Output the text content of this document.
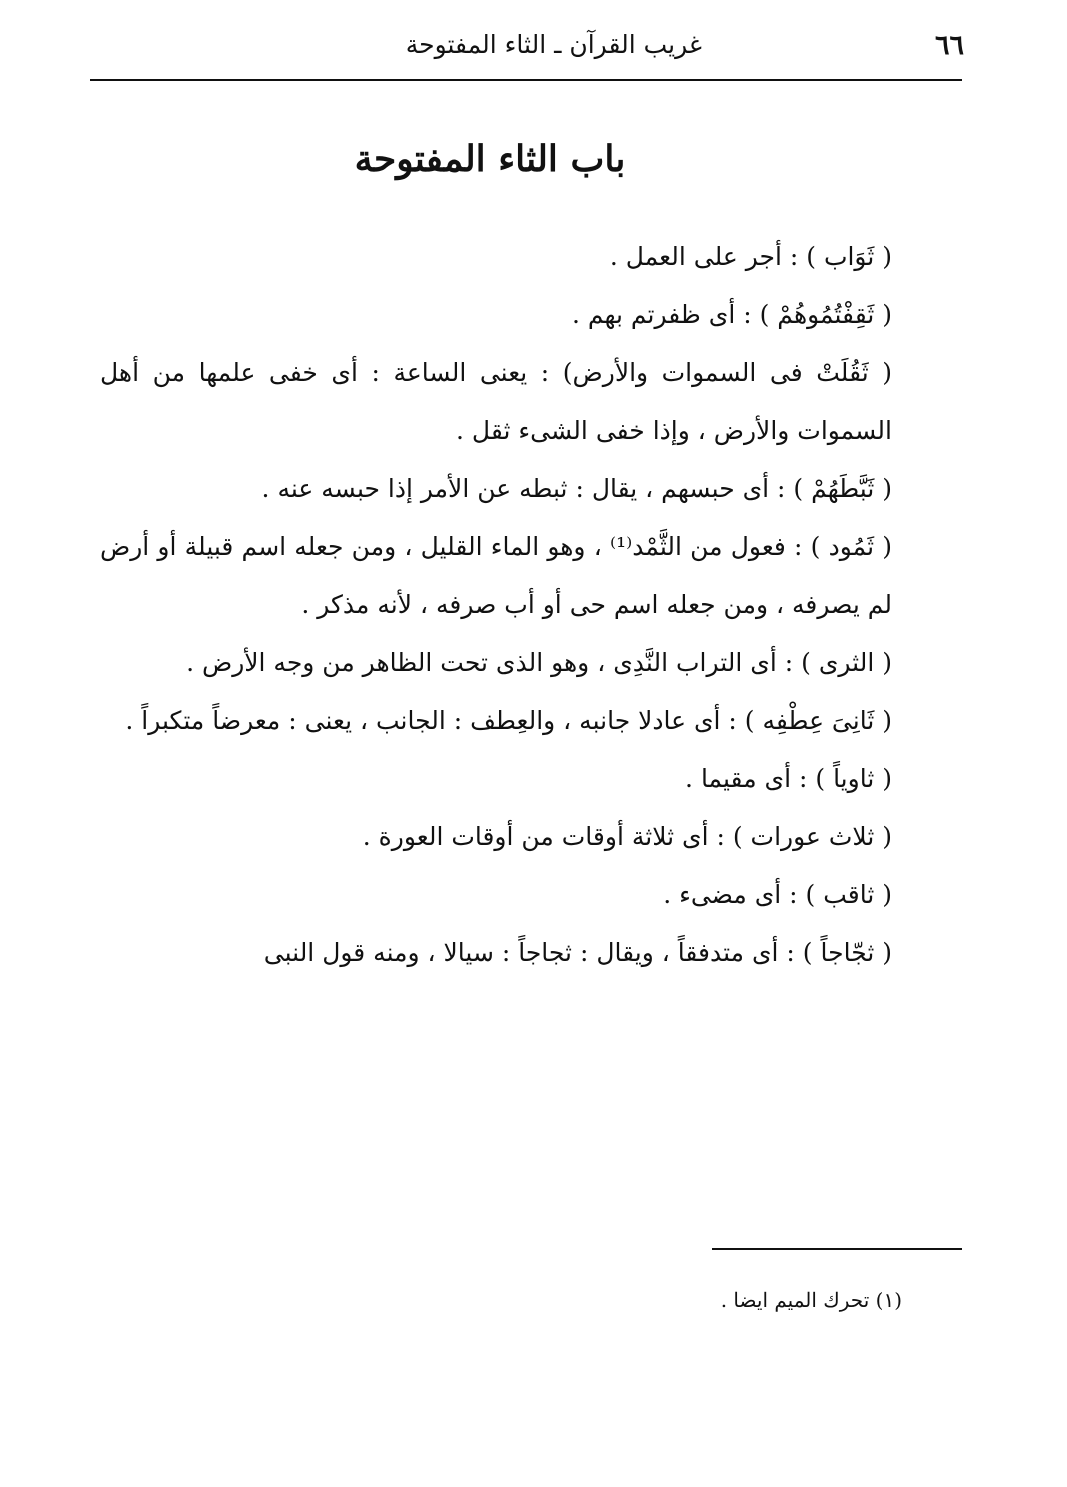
٦٦
غريب القرآن ـ الثاء المفتوحة
باب الثاء المفتوحة

( ثَوَاب ) : أجر على العمل .

( ثَقِفْتُمُوهُمْ ) : أى ظفرتم بهم .

( ثَقُلَتْ فى السموات والأرض) : يعنى الساعة : أى خفى علمها من أهل السموات والأرض ، وإذا خفى الشىء ثقل .

( ثَبَّطَهُمْ ) : أى حبسهم ، يقال : ثبطه عن الأمر إذا حبسه عنه .

( ثَمُود ) : فعول من الثَّمْد⁽¹⁾ ، وهو الماء القليل ، ومن جعله اسم قبيلة أو أرض لم يصرفه ، ومن جعله اسم حى أو أب صرفه ، لأنه مذكر .

( الثرى ) : أى التراب النَّدِى ، وهو الذى تحت الظاهر من وجه الأرض .

( ثَانِىَ عِطْفِه ) : أى عادلا جانبه ، والعِطف : الجانب ، يعنى : معرضاً متكبراً .

( ثاوياً ) : أى مقيما .

( ثلاث عورات ) : أى ثلاثة أوقات من أوقات العورة .

( ثاقب ) : أى مضىء .

( ثجّاجاً ) : أى متدفقاً ، ويقال : ثجاجاً : سيالا ، ومنه قول النبى

(١) تحرك الميم ايضا .
